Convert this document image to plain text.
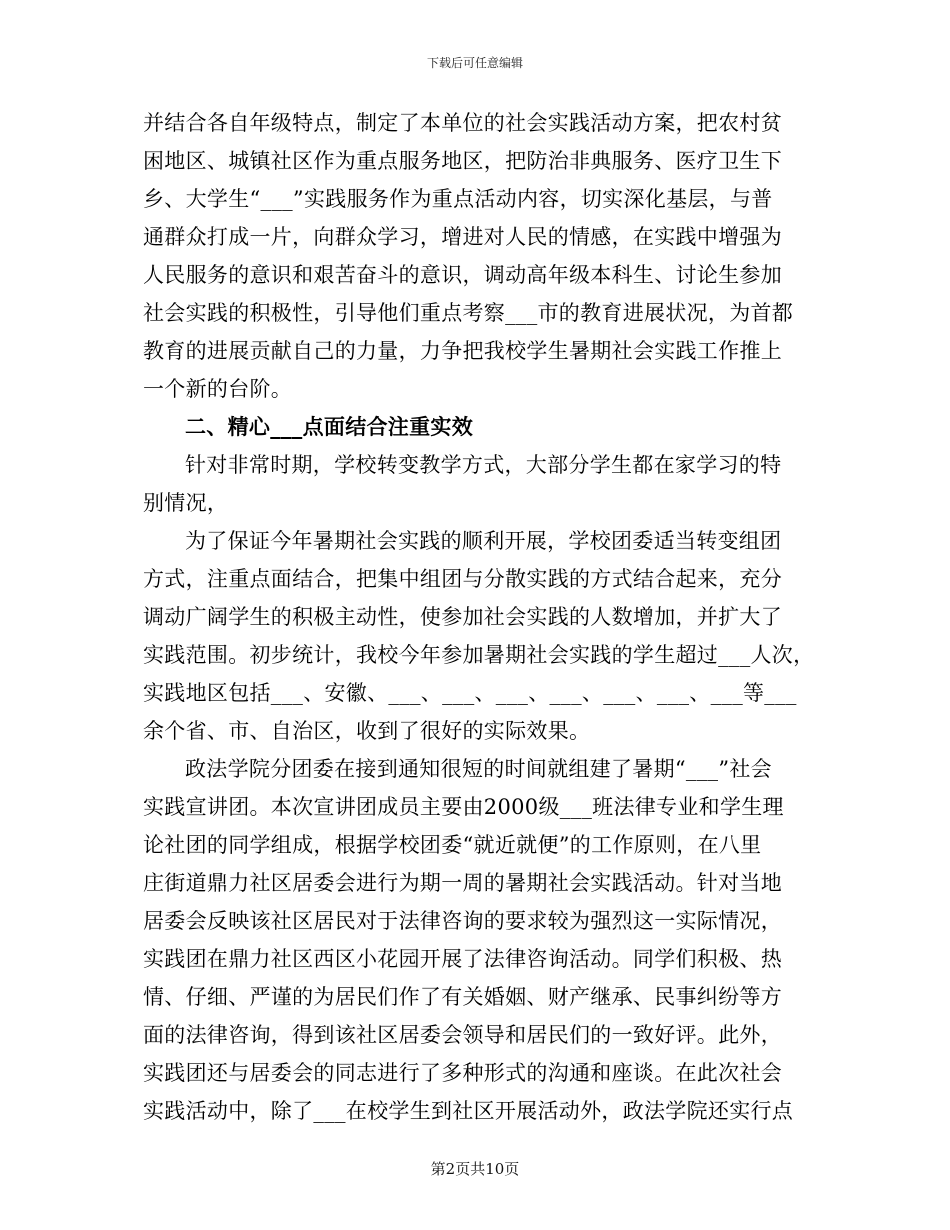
下载后可任意编辑
并结合各自年级特点，制定了本单位的社会实践活动方案，把农村贫
困地区、城镇社区作为重点服务地区，把防治非典服务、医疗卫生下
乡、大学生“___”实践服务作为重点活动内容，切实深化基层，与普
通群众打成一片，向群众学习，增进对人民的情感，在实践中增强为
人民服务的意识和艰苦奋斗的意识，调动高年级本科生、讨论生参加
社会实践的积极性，引导他们重点考察___市的教育进展状况，为首都
教育的进展贡献自己的力量，力争把我校学生暑期社会实践工作推上
一个新的台阶。
二、精心___点面结合注重实效
针对非常时期，学校转变教学方式，大部分学生都在家学习的特
别情况，
为了保证今年暑期社会实践的顺利开展，学校团委适当转变组团
方式，注重点面结合，把集中组团与分散实践的方式结合起来，充分
调动广阔学生的积极主动性，使参加社会实践的人数增加，并扩大了
实践范围。初步统计，我校今年参加暑期社会实践的学生超过___人次，
实践地区包括___、安徽、___、___、___、___、___、___、___等___
余个省、市、自治区，收到了很好的实际效果。
政法学院分团委在接到通知很短的时间就组建了暑期“___”社会
实践宣讲团。本次宣讲团成员主要由2000级___班法律专业和学生理
论社团的同学组成，根据学校团委“就近就便”的工作原则，在八里
庄街道鼎力社区居委会进行为期一周的暑期社会实践活动。针对当地
居委会反映该社区居民对于法律咨询的要求较为强烈这一实际情况，
实践团在鼎力社区西区小花园开展了法律咨询活动。同学们积极、热
情、仔细、严谨的为居民们作了有关婚姻、财产继承、民事纠纷等方
面的法律咨询，得到该社区居委会领导和居民们的一致好评。此外，
实践团还与居委会的同志进行了多种形式的沟通和座谈。在此次社会
实践活动中，除了___在校学生到社区开展活动外，政法学院还实行点
第2页共10页
